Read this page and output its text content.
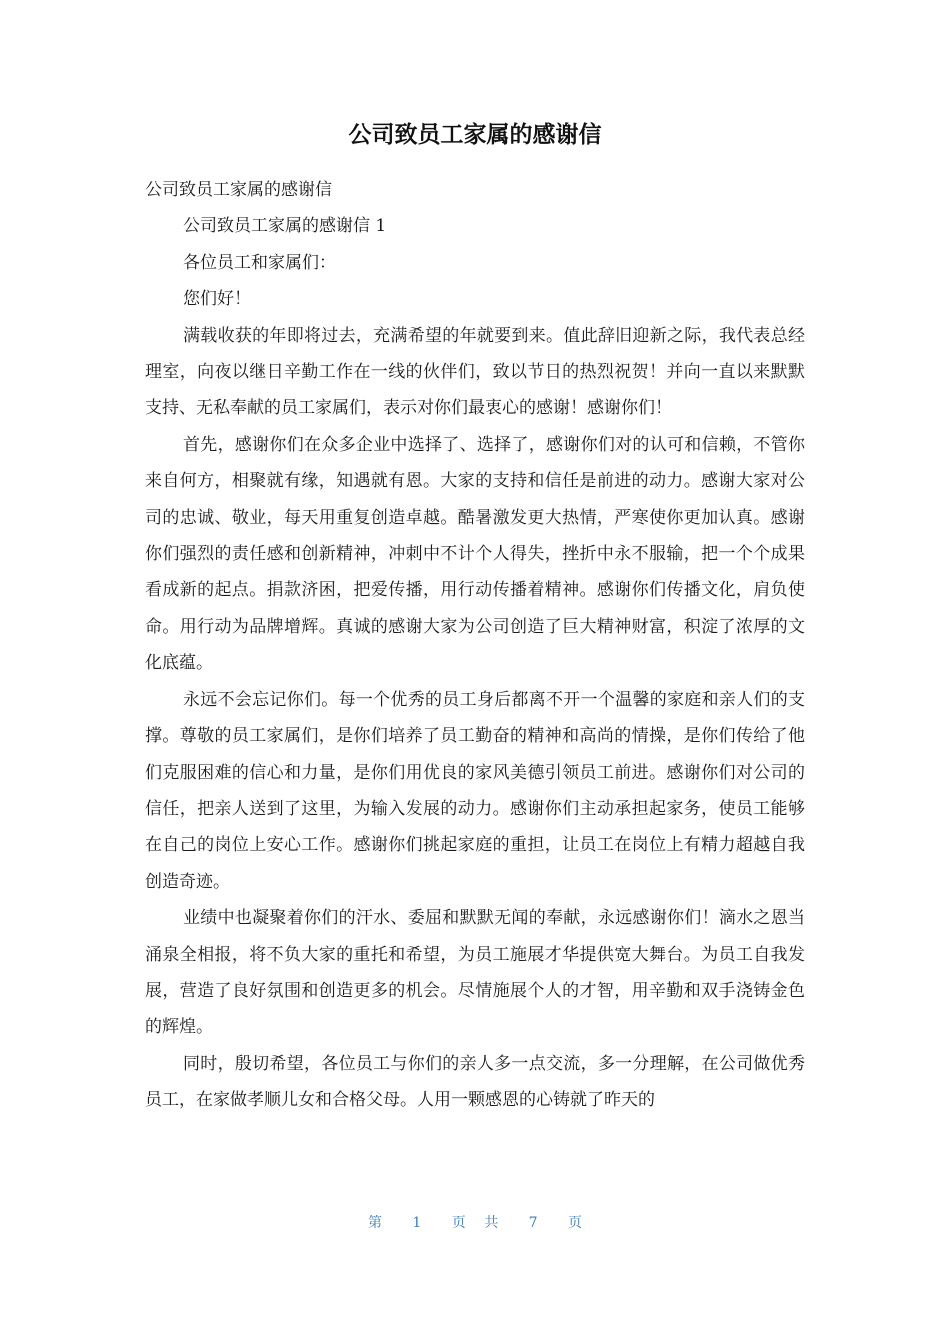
公司致员工家属的感谢信

公司致员工家属的感谢信

公司致员工家属的感谢信 1

各位员工和家属们：

您们好！

满载收获的年即将过去，充满希望的年就要到来。值此辞旧迎新之际，我代表总经理室，向夜以继日辛勤工作在一线的伙伴们，致以节日的热烈祝贺！并向一直以来默默支持、无私奉献的员工家属们，表示对你们最衷心的感谢！感谢你们！

首先，感谢你们在众多企业中选择了、选择了，感谢你们对的认可和信赖，不管你来自何方，相聚就有缘，知遇就有恩。大家的支持和信任是前进的动力。感谢大家对公司的忠诚、敬业，每天用重复创造卓越。酷暑激发更大热情，严寒使你更加认真。感谢你们强烈的责任感和创新精神，冲刺中不计个人得失，挫折中永不服输，把一个个成果看成新的起点。捐款济困，把爱传播，用行动传播着精神。感谢你们传播文化，肩负使命。用行动为品牌增辉。真诚的感谢大家为公司创造了巨大精神财富，积淀了浓厚的文化底蕴。

永远不会忘记你们。每一个优秀的员工身后都离不开一个温馨的家庭和亲人们的支撑。尊敬的员工家属们，是你们培养了员工勤奋的精神和高尚的情操，是你们传给了他们克服困难的信心和力量，是你们用优良的家风美德引领员工前进。感谢你们对公司的信任，把亲人送到了这里，为输入发展的动力。感谢你们主动承担起家务，使员工能够在自己的岗位上安心工作。感谢你们挑起家庭的重担，让员工在岗位上有精力超越自我创造奇迹。

业绩中也凝聚着你们的汗水、委屈和默默无闻的奉献，永远感谢你们！滴水之恩当涌泉全相报，将不负大家的重托和希望，为员工施展才华提供宽大舞台。为员工自我发展，营造了良好氛围和创造更多的机会。尽情施展个人的才智，用辛勤和双手浇铸金色的辉煌。

同时，殷切希望，各位员工与你们的亲人多一点交流，多一分理解，在公司做优秀员工，在家做孝顺儿女和合格父母。人用一颗感恩的心铸就了昨天的

第 1 页 共 7 页
